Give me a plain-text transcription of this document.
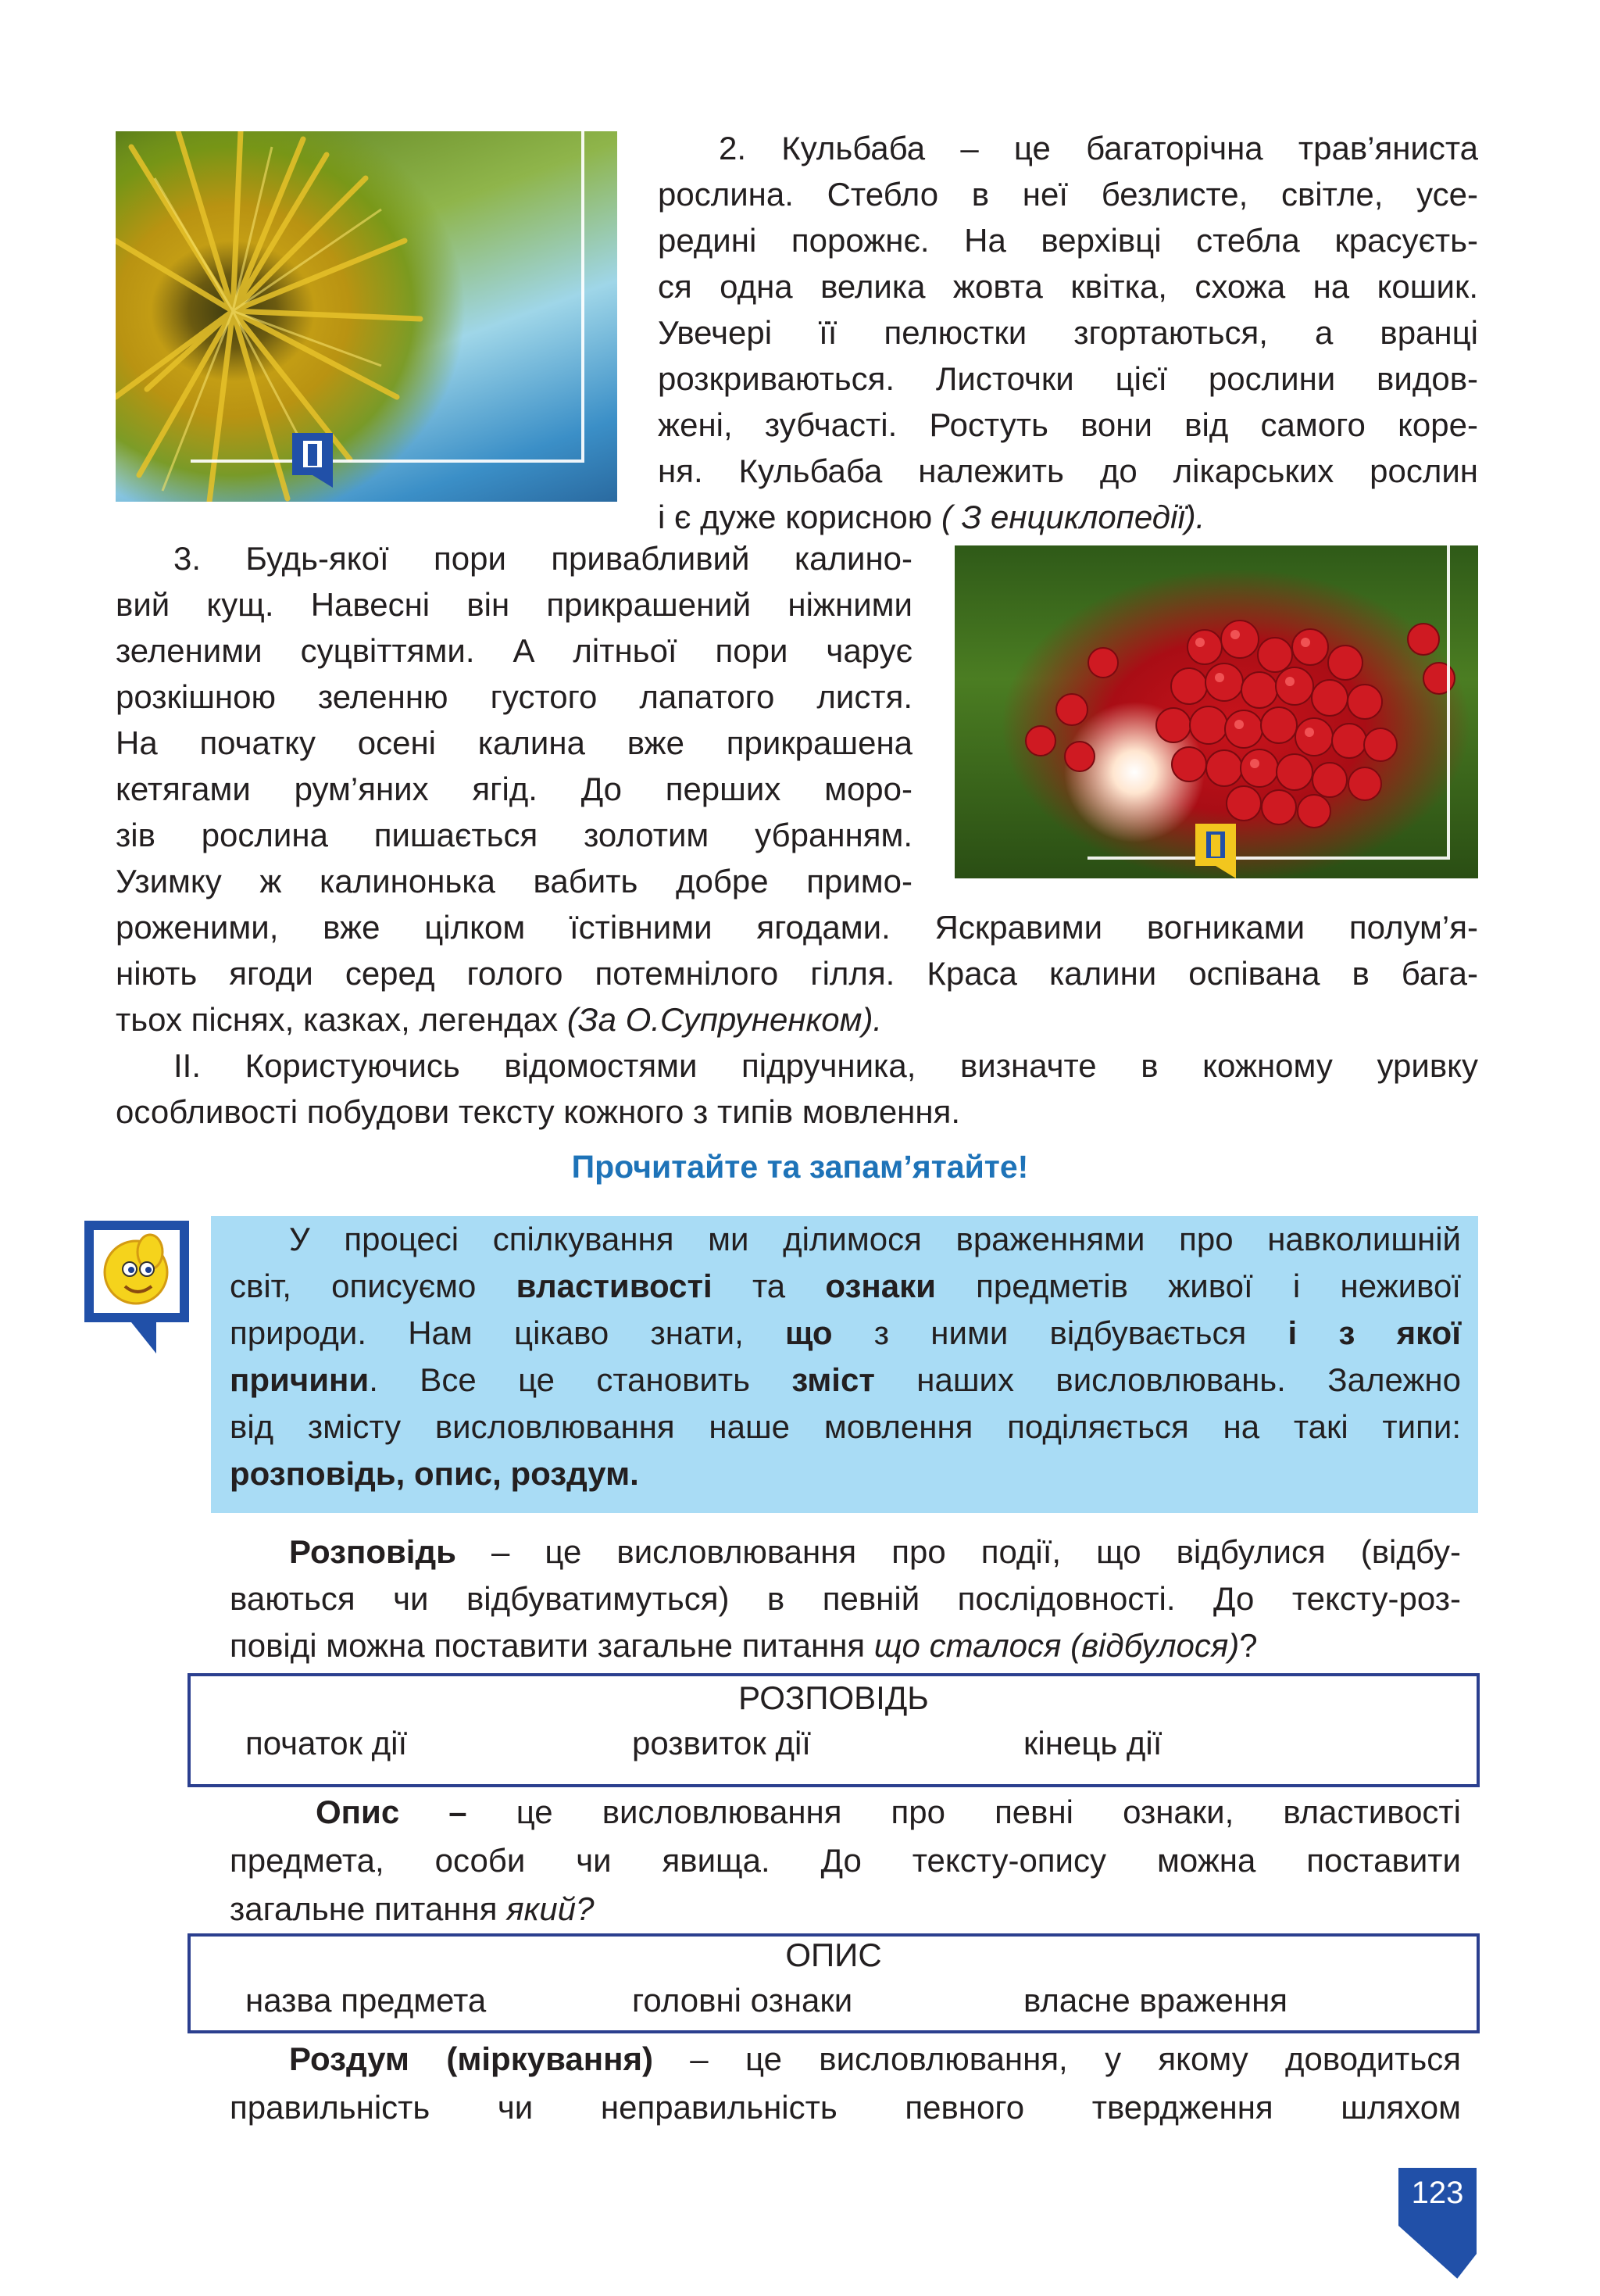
2. Кульбаба – це багаторічна трав’яниста
рослина. Стебло в неї безлисте, світле, усе-
редині порожнє. На верхівці стебла красуєть-
ся одна велика жовта квітка, схожа на кошик.
Увечері її пелюстки згортаються, а вранці
розкриваються. Листочки цієї рослини видов-
жені, зубчасті. Ростуть вони від самого коре-
ня. Кульбаба належить до лікарських рослин
і є дуже корисною ( З енциклопедії).
3. Будь-якої пори привабливий калино-
вий кущ. Навесні він прикрашений ніжними
зеленими суцвіттями. А літньої пори чарує
розкішною зеленню густого лапатого листя.
На початку осені калина вже прикрашена
кетягами рум’яних ягід. До перших моро-
зів рослина пишається золотим убранням.
Узимку ж калинонька вабить добре примо-
роженими, вже цілком їстівними ягодами. Яскравими вогниками полум’я-
ніють ягоди серед голого потемнілого гілля. Краса калини оспівана в бага-
тьох піснях, казках, легендах (За О.Супруненком).
II. Користуючись відомостями підручника, визначте в кожному уривку
особливості побудови тексту кожного з типів мовлення.
Прочитайте та запам’ятайте!
У процесі спілкування ми ділимося враженнями про навколишній
світ, описуємо властивості та ознаки предметів живої і неживої
природи. Нам цікаво знати, що з ними відбувається і з якої
причини. Все це становить зміст наших висловлювань. Залежно
від змісту висловлювання наше мовлення поділяється на такі типи:
розповідь, опис, роздум.
Розповідь – це висловлювання про події, що відбулися (відбу-
ваються чи відбуватимуться) в певній послідовності. До тексту-роз-
повіді можна поставити загальне питання що сталося (відбулося)?
РОЗПОВІДЬ
початок дії	розвиток дії	кінець дії
Опис – це висловлювання про певні ознаки, властивості
предмета, особи чи явища. До тексту-опису можна поставити
загальне питання який?
ОПИС
назва предмета	головні ознаки	власне враження
Роздум (міркування) – це висловлювання, у якому доводиться
правильність чи неправильність певного твердження шляхом
123
